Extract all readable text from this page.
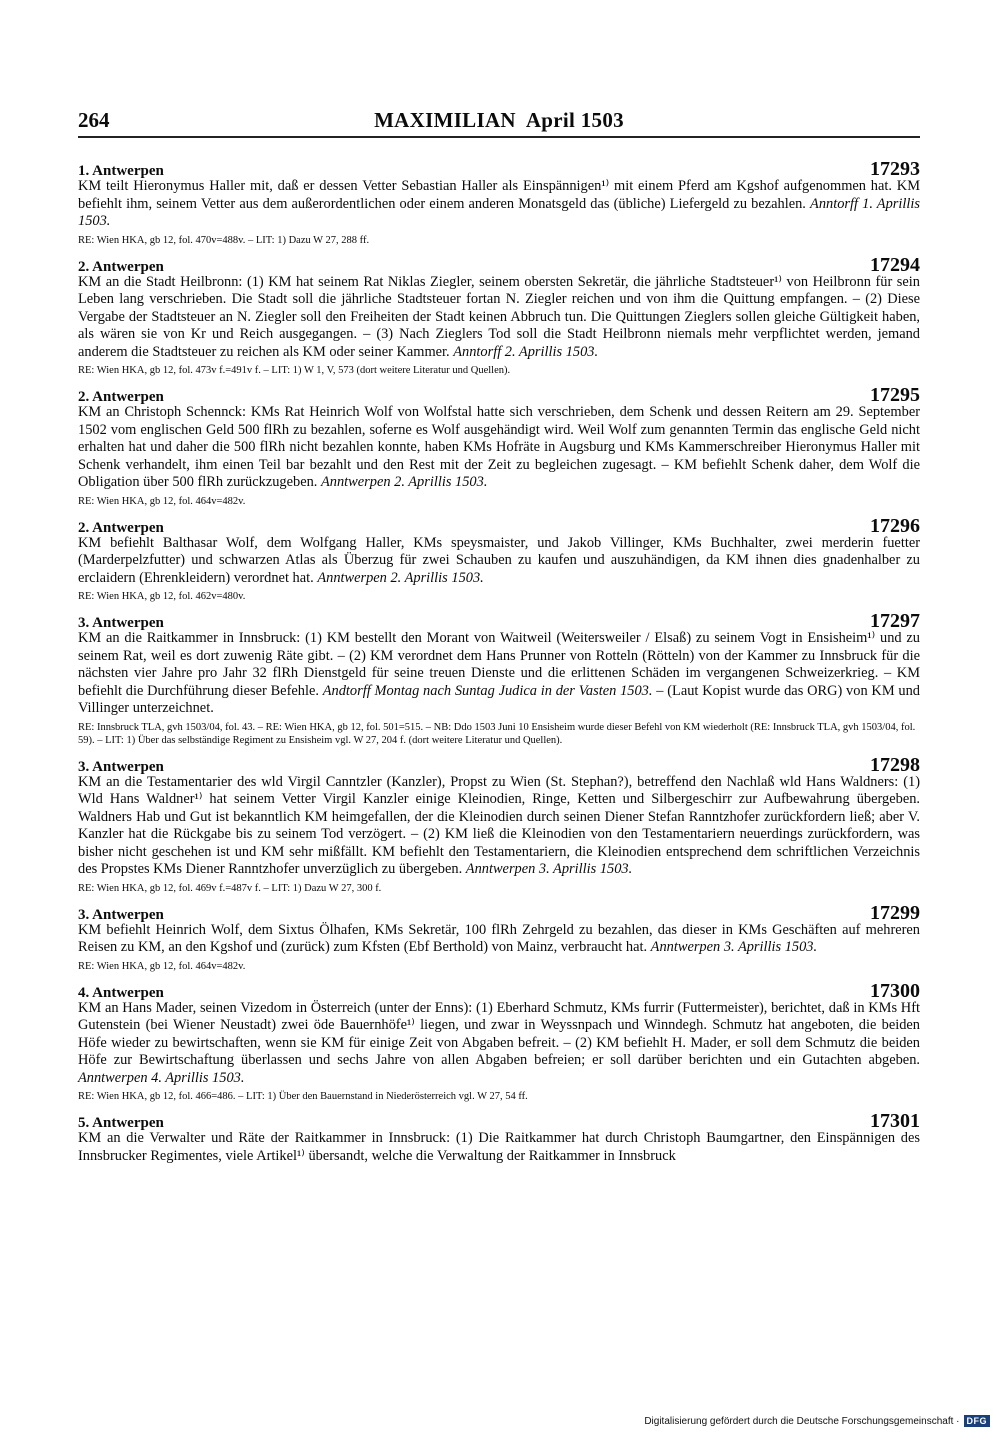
264	MAXIMILIAN  April 1503
1. Antwerpen	17293
KM teilt Hieronymus Haller mit, daß er dessen Vetter Sebastian Haller als Einspännigen¹⁾ mit einem Pferd am Kgshof aufgenommen hat. KM befiehlt ihm, seinem Vetter aus dem außerordentlichen oder einem anderen Monatsgeld das (übliche) Liefergeld zu bezahlen. Anntorff 1. Aprillis 1503.
RE: Wien HKA, gb 12, fol. 470v=488v. – LIT: 1) Dazu W 27, 288 ff.
2. Antwerpen	17294
KM an die Stadt Heilbronn: (1) KM hat seinem Rat Niklas Ziegler, seinem obersten Sekretär, die jährliche Stadtsteuer¹⁾ von Heilbronn für sein Leben lang verschrieben. Die Stadt soll die jährliche Stadtsteuer fortan N. Ziegler reichen und von ihm die Quittung empfangen. – (2) Diese Vergabe der Stadtsteuer an N. Ziegler soll den Freiheiten der Stadt keinen Abbruch tun. Die Quittungen Zieglers sollen gleiche Gültigkeit haben, als wären sie von Kr und Reich ausgegangen. – (3) Nach Zieglers Tod soll die Stadt Heilbronn niemals mehr verpflichtet werden, jemand anderem die Stadtsteuer zu reichen als KM oder seiner Kammer. Anntorff 2. Aprillis 1503.
RE: Wien HKA, gb 12, fol. 473v f.=491v f. – LIT: 1) W 1, V, 573 (dort weitere Literatur und Quellen).
2. Antwerpen	17295
KM an Christoph Schennck: KMs Rat Heinrich Wolf von Wolfstal hatte sich verschrieben, dem Schenk und dessen Reitern am 29. September 1502 vom englischen Geld 500 flRh zu bezahlen, soferne es Wolf ausgehändigt wird. Weil Wolf zum genannten Termin das englische Geld nicht erhalten hat und daher die 500 flRh nicht bezahlen konnte, haben KMs Hofräte in Augsburg und KMs Kammerschreiber Hieronymus Haller mit Schenk verhandelt, ihm einen Teil bar bezahlt und den Rest mit der Zeit zu begleichen zugesagt. – KM befiehlt Schenk daher, dem Wolf die Obligation über 500 flRh zurückzugeben. Anntwerpen 2. Aprillis 1503.
RE: Wien HKA, gb 12, fol. 464v=482v.
2. Antwerpen	17296
KM befiehlt Balthasar Wolf, dem Wolfgang Haller, KMs speysmaister, und Jakob Villinger, KMs Buchhalter, zwei merderin fuetter (Marderpelzfutter) und schwarzen Atlas als Überzug für zwei Schauben zu kaufen und auszuhändigen, da KM ihnen dies gnadenhalber zu erclaidern (Ehrenkleidern) verordnet hat. Anntwerpen 2. Aprillis 1503.
RE: Wien HKA, gb 12, fol. 462v=480v.
3. Antwerpen	17297
KM an die Raitkammer in Innsbruck: (1) KM bestellt den Morant von Waitweil (Weitersweiler / Elsaß) zu seinem Vogt in Ensisheim¹⁾ und zu seinem Rat, weil es dort zuwenig Räte gibt. – (2) KM verordnet dem Hans Prunner von Rotteln (Rötteln) von der Kammer zu Innsbruck für die nächsten vier Jahre pro Jahr 32 flRh Dienstgeld für seine treuen Dienste und die erlittenen Schäden im vergangenen Schweizerkrieg. – KM befiehlt die Durchführung dieser Befehle. Andtorff Montag nach Suntag Judica in der Vasten 1503. – (Laut Kopist wurde das ORG) von KM und Villinger unterzeichnet.
RE: Innsbruck TLA, gvh 1503/04, fol. 43. – RE: Wien HKA, gb 12, fol. 501=515. – NB: Ddo 1503 Juni 10 Ensisheim wurde dieser Befehl von KM wiederholt (RE: Innsbruck TLA, gvh 1503/04, fol. 59). – LIT: 1) Über das selbständige Regiment zu Ensisheim vgl. W 27, 204 f. (dort weitere Literatur und Quellen).
3. Antwerpen	17298
KM an die Testamentarier des wld Virgil Canntzler (Kanzler), Propst zu Wien (St. Stephan?), betreffend den Nachlaß wld Hans Waldners: (1) Wld Hans Waldner¹⁾ hat seinem Vetter Virgil Kanzler einige Kleinodien, Ringe, Ketten und Silbergeschirr zur Aufbewahrung übergeben. Waldners Hab und Gut ist bekanntlich KM heimgefallen, der die Kleinodien durch seinen Diener Stefan Ranntzhofer zurückfordern ließ; aber V. Kanzler hat die Rückgabe bis zu seinem Tod verzögert. – (2) KM ließ die Kleinodien von den Testamentariern neuerdings zurückfordern, was bisher nicht geschehen ist und KM sehr mißfällt. KM befiehlt den Testamentariern, die Kleinodien entsprechend dem schriftlichen Verzeichnis des Propstes KMs Diener Ranntzhofer unverzüglich zu übergeben. Anntwerpen 3. Aprillis 1503.
RE: Wien HKA, gb 12, fol. 469v f.=487v f. – LIT: 1) Dazu W 27, 300 f.
3. Antwerpen	17299
KM befiehlt Heinrich Wolf, dem Sixtus Ölhafen, KMs Sekretär, 100 flRh Zehrgeld zu bezahlen, das dieser in KMs Geschäften auf mehreren Reisen zu KM, an den Kgshof und (zurück) zum Kfsten (Ebf Berthold) von Mainz, verbraucht hat. Anntwerpen 3. Aprillis 1503.
RE: Wien HKA, gb 12, fol. 464v=482v.
4. Antwerpen	17300
KM an Hans Mader, seinen Vizedom in Österreich (unter der Enns): (1) Eberhard Schmutz, KMs furrir (Futtermeister), berichtet, daß in KMs Hft Gutenstein (bei Wiener Neustadt) zwei öde Bauernhöfe¹⁾ liegen, und zwar in Weyssnpach und Winndegh. Schmutz hat angeboten, die beiden Höfe wieder zu bewirtschaften, wenn sie KM für einige Zeit von Abgaben befreit. – (2) KM befiehlt H. Mader, er soll dem Schmutz die beiden Höfe zur Bewirtschaftung überlassen und sechs Jahre von allen Abgaben befreien; er soll darüber berichten und ein Gutachten abgeben. Anntwerpen 4. Aprillis 1503.
RE: Wien HKA, gb 12, fol. 466=486. – LIT: 1) Über den Bauernstand in Niederösterreich vgl. W 27, 54 ff.
5. Antwerpen	17301
KM an die Verwalter und Räte der Raitkammer in Innsbruck: (1) Die Raitkammer hat durch Christoph Baumgartner, den Einspännigen des Innsbrucker Regimentes, viele Artikel¹⁾ übersandt, welche die Verwaltung der Raitkammer in Innsbruck
Digitalisierung gefördert durch die Deutsche Forschungsgemeinschaft · DFG
